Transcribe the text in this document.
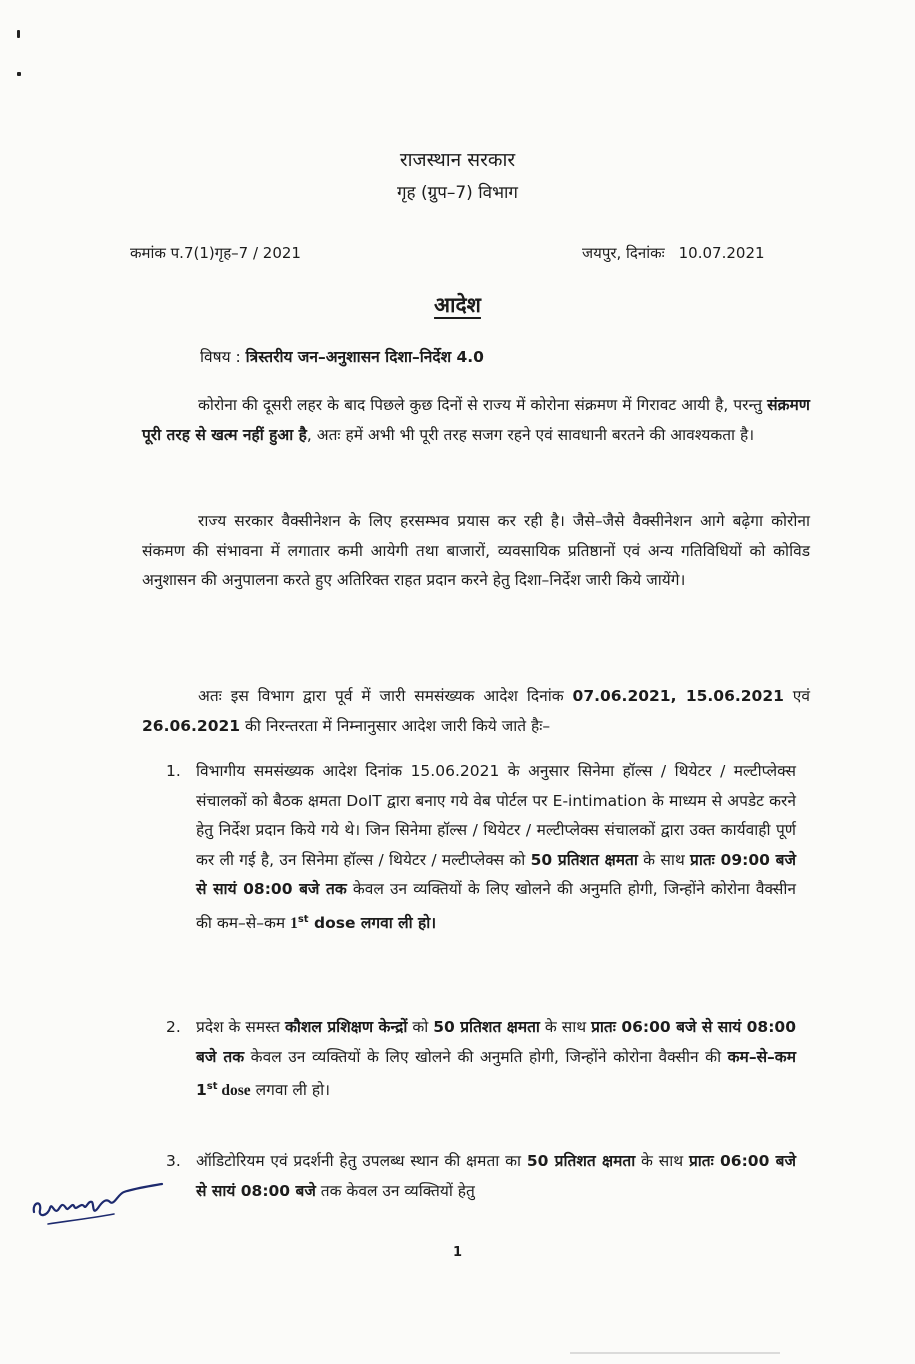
राजस्थान सरकार
गृह (ग्रुप–7) विभाग
कमांक प.7(1)गृह–7 / 2021	जयपुर, दिनांकः 10.07.2021
आदेश
विषय : त्रिस्तरीय जन–अनुशासन दिशा–निर्देश 4.0
कोरोना की दूसरी लहर के बाद पिछले कुछ दिनों से राज्य में कोरोना संक्रमण में गिरावट आयी है, परन्तु संक्रमण पूरी तरह से खत्म नहीं हुआ है, अतः हमें अभी भी पूरी तरह सजग रहने एवं सावधानी बरतने की आवश्यकता है।
राज्य सरकार वैक्सीनेशन के लिए हरसम्भव प्रयास कर रही है। जैसे–जैसे वैक्सीनेशन आगे बढ़ेगा कोरोना संकमण की संभावना में लगातार कमी आयेगी तथा बाजारों, व्यवसायिक प्रतिष्ठानों एवं अन्य गतिविधियों को कोविड अनुशासन की अनुपालना करते हुए अतिरिक्त राहत प्रदान करने हेतु दिशा–निर्देश जारी किये जायेंगे।
अतः इस विभाग द्वारा पूर्व में जारी समसंख्यक आदेश दिनांक 07.06.2021, 15.06.2021 एवं 26.06.2021 की निरन्तरता में निम्नानुसार आदेश जारी किये जाते हैः–
1. विभागीय समसंख्यक आदेश दिनांक 15.06.2021 के अनुसार सिनेमा हॉल्स / थियेटर / मल्टीप्लेक्स संचालकों को बैठक क्षमता DoIT द्वारा बनाए गये वेब पोर्टल पर E-intimation के माध्यम से अपडेट करने हेतु निर्देश प्रदान किये गये थे। जिन सिनेमा हॉल्स / थियेटर / मल्टीप्लेक्स संचालकों द्वारा उक्त कार्यवाही पूर्ण कर ली गई है, उन सिनेमा हॉल्स / थियेटर / मल्टीप्लेक्स को 50 प्रतिशत क्षमता के साथ प्रातः 09:00 बजे से सायं 08:00 बजे तक केवल उन व्यक्तियों के लिए खोलने की अनुमति होगी, जिन्होंने कोरोना वैक्सीन की कम–से–कम 1st dose लगवा ली हो।
2. प्रदेश के समस्त कौशल प्रशिक्षण केन्द्रों को 50 प्रतिशत क्षमता के साथ प्रातः 06:00 बजे से सायं 08:00 बजे तक केवल उन व्यक्तियों के लिए खोलने की अनुमति होगी, जिन्होंने कोरोना वैक्सीन की कम–से–कम 1st dose लगवा ली हो।
3. ऑडिटोरियम एवं प्रदर्शनी हेतु उपलब्ध स्थान की क्षमता का 50 प्रतिशत क्षमता के साथ प्रातः 06:00 बजे से सायं 08:00 बजे तक केवल उन व्यक्तियों हेतु
1
